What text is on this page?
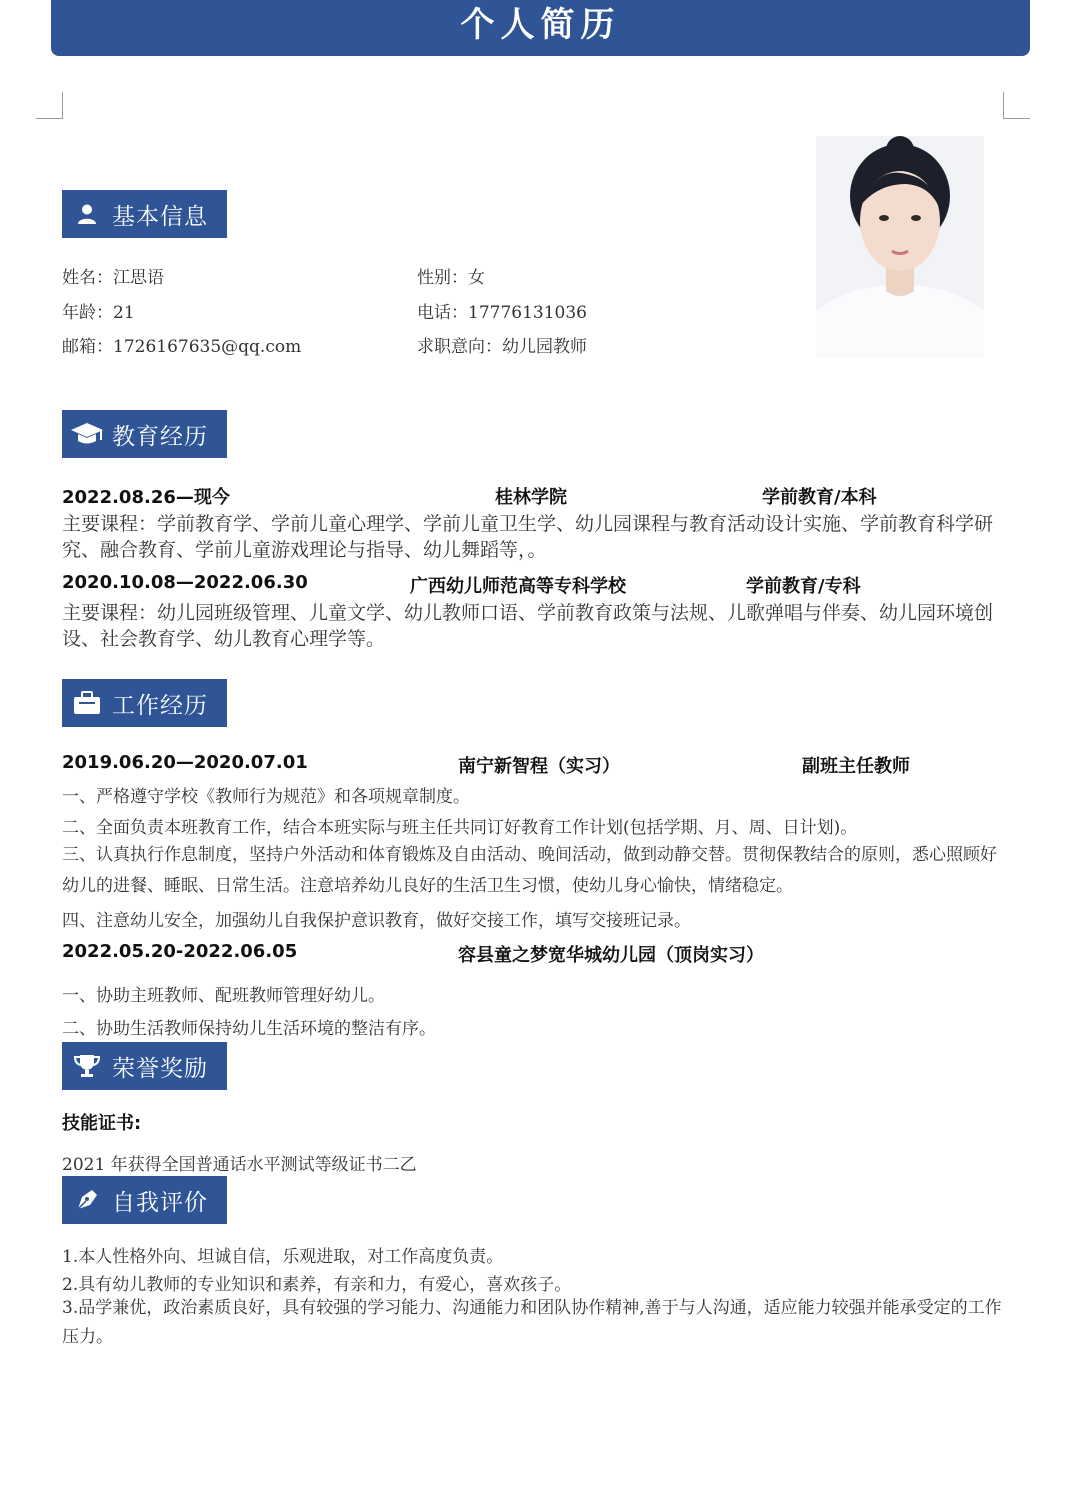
个人简历
基本信息
姓名：江思语	性别：女
年龄：21	电话：17776131036
邮箱：1726167635@qq.com	求职意向：幼儿园教师
教育经历
2022.08.26—现今	桂林学院	学前教育/本科
主要课程：学前教育学、学前儿童心理学、学前儿童卫生学、幼儿园课程与教育活动设计实施、学前教育科学研究、融合教育、学前儿童游戏理论与指导、幼儿舞蹈等，。
2020.10.08—2022.06.30	广西幼儿师范高等专科学校	学前教育/专科
主要课程：幼儿园班级管理、儿童文学、幼儿教师口语、学前教育政策与法规、儿歌弹唱与伴奏、幼儿园环境创设、社会教育学、幼儿教育心理学等。
工作经历
2019.06.20—2020.07.01	南宁新智程（实习）	副班主任教师
一、严格遵守学校《教师行为规范》和各项规章制度。
二、全面负责本班教育工作，结合本班实际与班主任共同订好教育工作计划(包括学期、月、周、日计划)。
三、认真执行作息制度，坚持户外活动和体育锻炼及自由活动、晚间活动，做到动静交替。贯彻保教结合的原则，悉心照顾好幼儿的进餐、睡眠、日常生活。注意培养幼儿良好的生活卫生习惯，使幼儿身心愉快，情绪稳定。
四、注意幼儿安全，加强幼儿自我保护意识教育，做好交接工作，填写交接班记录。
2022.05.20-2022.06.05	容县童之梦宽华城幼儿园（顶岗实习）
一、协助主班教师、配班教师管理好幼儿。
二、协助生活教师保持幼儿生活环境的整洁有序。
荣誉奖励
技能证书:
2021 年获得全国普通话水平测试等级证书二乙
自我评价
1.本人性格外向、坦诚自信，乐观进取，对工作高度负责。
2.具有幼儿教师的专业知识和素养，有亲和力，有爱心，喜欢孩子。
3.品学兼优，政治素质良好，具有较强的学习能力、沟通能力和团队协作精神,善于与人沟通，适应能力较强并能承受定的工作压力。
